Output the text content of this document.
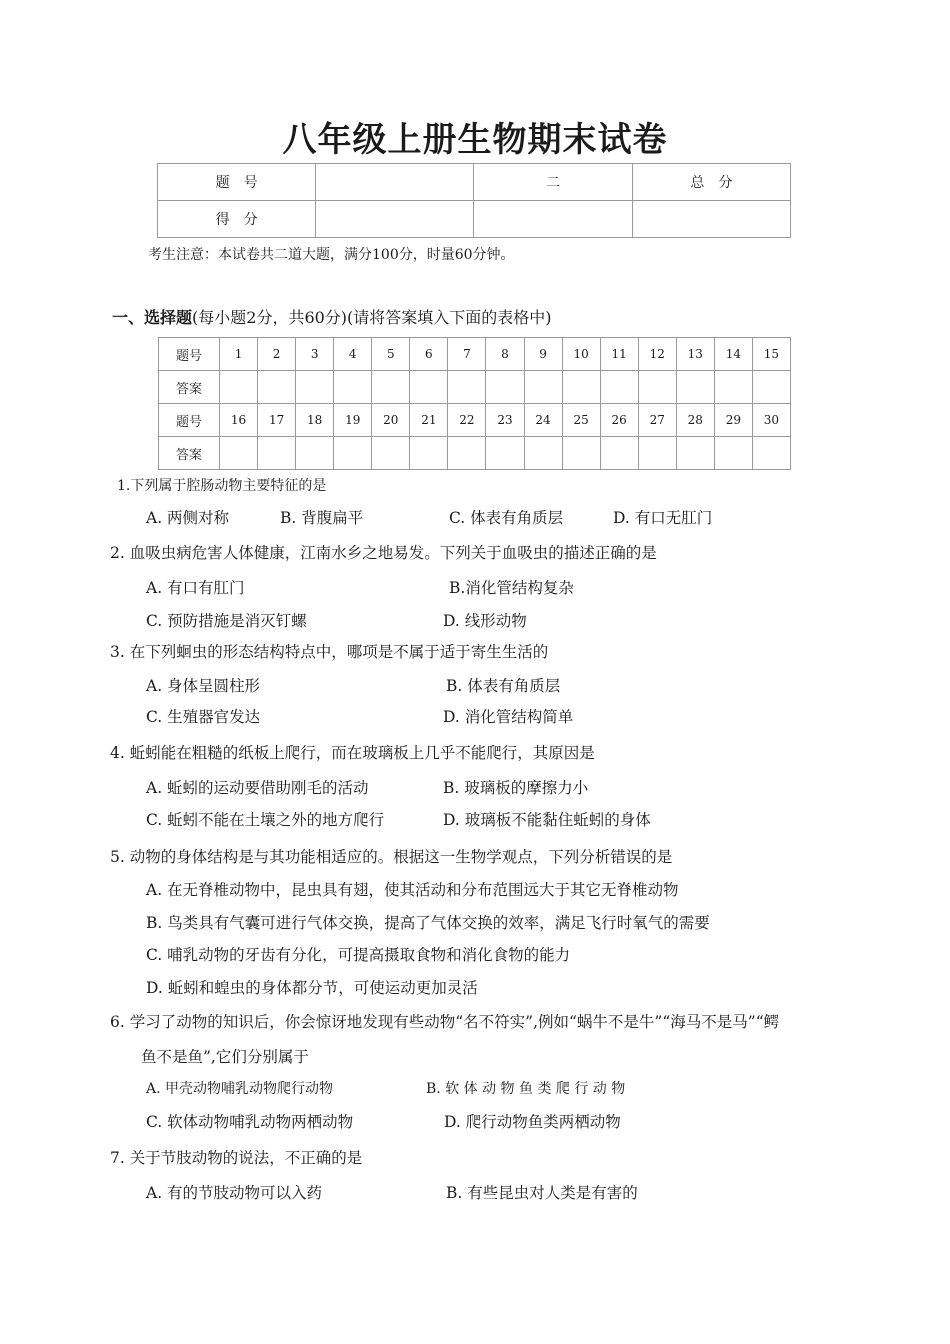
八年级上册生物期末试卷
题　号		二	总　分
得　分			
考生注意：本试卷共二道大题，满分100分，时量60分钟。
一、选择题(每小题2分，共60分)(请将答案填入下面的表格中)
题号	1	2	3	4	5	6	7	8	9	10	11	12	13	14	15
答案															
题号	16	17	18	19	20	21	22	23	24	25	26	27	28	29	30
答案															
1.下列属于腔肠动物主要特征的是
A. 两侧对称	B. 背腹扁平	C. 体表有角质层	D. 有口无肛门
2. 血吸虫病危害人体健康，江南水乡之地易发。下列关于血吸虫的描述正确的是
A. 有口有肛门	B.消化管结构复杂
C. 预防措施是消灭钉螺	D. 线形动物
3. 在下列蛔虫的形态结构特点中，哪项是不属于适于寄生生活的
A. 身体呈圆柱形	B. 体表有角质层
C. 生殖器官发达	D. 消化管结构简单
4. 蚯蚓能在粗糙的纸板上爬行，而在玻璃板上几乎不能爬行，其原因是
A. 蚯蚓的运动要借助刚毛的活动	B. 玻璃板的摩擦力小
C. 蚯蚓不能在土壤之外的地方爬行	D. 玻璃板不能黏住蚯蚓的身体
5. 动物的身体结构是与其功能相适应的。根据这一生物学观点，下列分析错误的是
A. 在无脊椎动物中，昆虫具有翅，使其活动和分布范围远大于其它无脊椎动物
B. 鸟类具有气囊可进行气体交换，提高了气体交换的效率，满足飞行时氧气的需要
C. 哺乳动物的牙齿有分化，可提高摄取食物和消化食物的能力
D. 蚯蚓和蝗虫的身体都分节，可使运动更加灵活
6. 学习了动物的知识后，你会惊讶地发现有些动物“名不符实”,例如“蜗牛不是牛”“海马不是马”“鳄
鱼不是鱼”,它们分别属于
A. 甲壳动物哺乳动物爬行动物	B. 软 体 动 物 鱼 类 爬 行 动 物
C. 软体动物哺乳动物两栖动物	D. 爬行动物鱼类两栖动物
7. 关于节肢动物的说法，不正确的是
A. 有的节肢动物可以入药	B. 有些昆虫对人类是有害的
